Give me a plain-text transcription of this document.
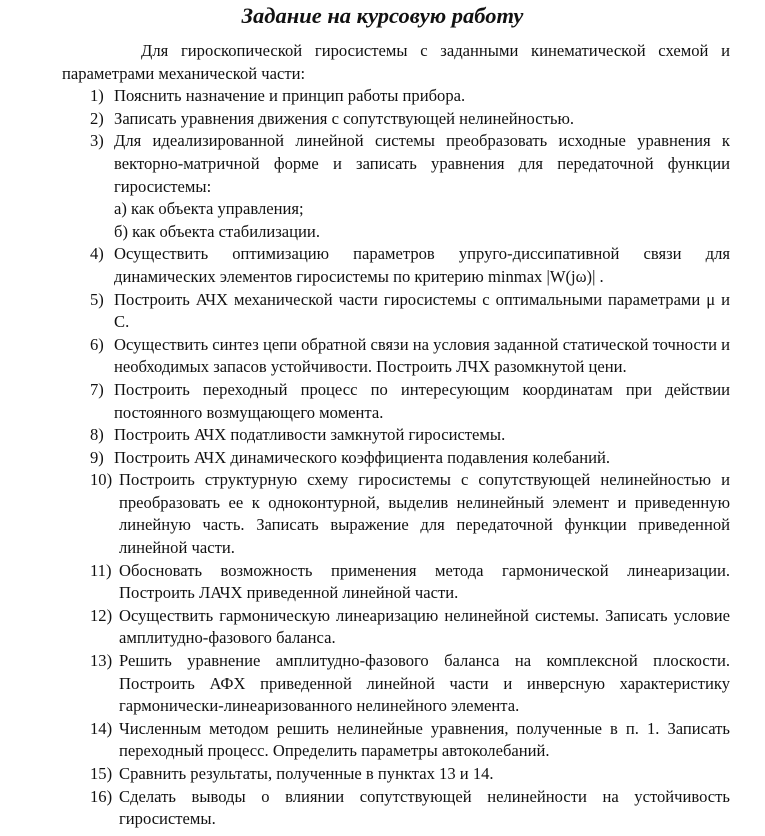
Задание на курсовую работу

Для гироскопической гиросистемы с заданными кинематической схемой и параметрами механической части:

1) Пояснить назначение и принцип работы прибора.

2) Записать уравнения движения с сопутствующей нелинейностью.

3) Для идеализированной линейной системы преобразовать исходные уравнения к векторно-матричной форме и записать уравнения для передаточной функции гиросистемы:

а) как объекта управления;

б) как объекта стабилизации.

4) Осуществить оптимизацию параметров упруго-диссипативной связи для динамических элементов гиросистемы по критерию minmax |W(jω)| .

5) Построить АЧХ механической части гиросистемы с оптимальными параметрами μ и С.

6) Осуществить синтез цепи обратной связи на условия заданной статической точности и необходимых запасов устойчивости. Построить ЛЧХ разомкнутой цени.

7) Построить переходный процесс по интересующим координатам при действии постоянного возмущающего момента.

8) Построить АЧХ податливости замкнутой гиросистемы.

9) Построить АЧХ динамического коэффициента подавления колебаний.

10) Построить структурную схему гиросистемы с сопутствующей нелинейностью и преобразовать ее к одноконтурной, выделив нелинейный элемент и приведенную линейную часть. Записать выражение для передаточной функции приведенной линейной части.

11) Обосновать возможность применения метода гармонической линеаризации. Построить ЛАЧХ приведенной линейной части.

12) Осуществить гармоническую линеаризацию нелинейной системы. Записать условие амплитудно-фазового баланса.

13) Решить уравнение амплитудно-фазового баланса на комплексной плоскости. Построить АФХ приведенной линейной части и инверсную характеристику гармонически-линеаризованного нелинейного элемента.

14) Численным методом решить нелинейные уравнения, полученные в п. 1. Записать переходный процесс. Определить параметры автоколебаний.

15) Сравнить результаты, полученные в пунктах 13 и 14.

16) Сделать выводы о влиянии сопутствующей нелинейности на устойчивость гиросистемы.
